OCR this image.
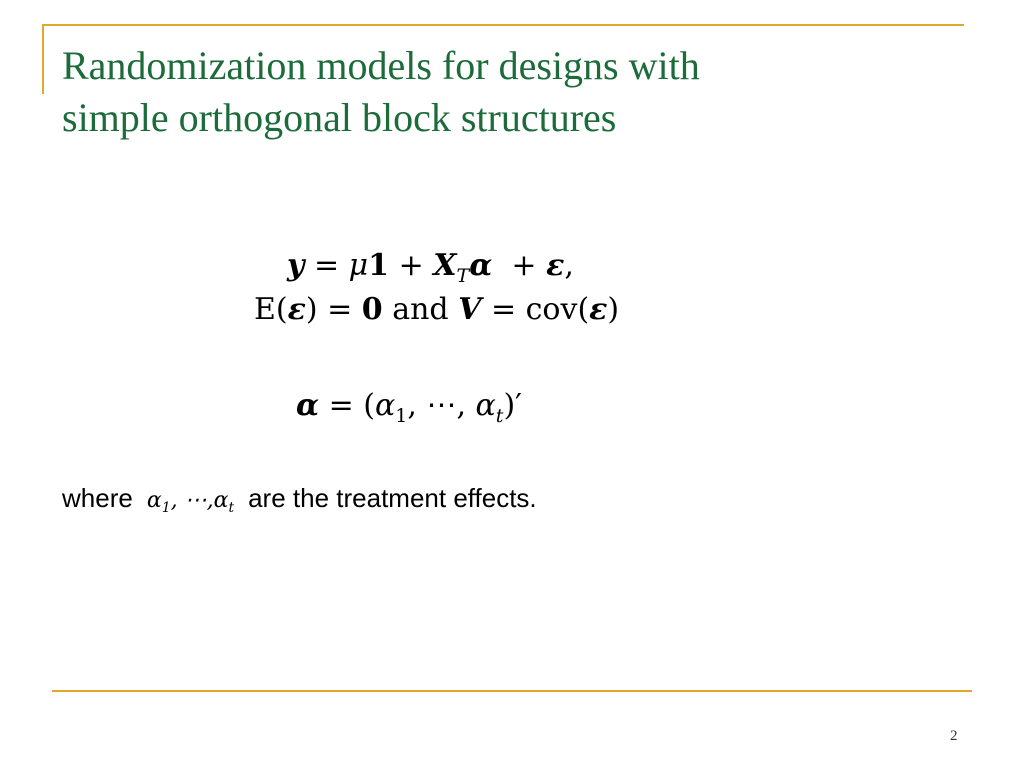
Randomization models for designs with
simple orthogonal block structures
$y = \mu 1 + X_T\alpha + \varepsilon$,
E(ε) = 0 and V = cov(ε)
$\alpha = (\alpha_1$, ⋯, $\alpha_t)'$
where $\alpha_1$, $\cdots,\alpha_t$ are the treatment effects.
2
